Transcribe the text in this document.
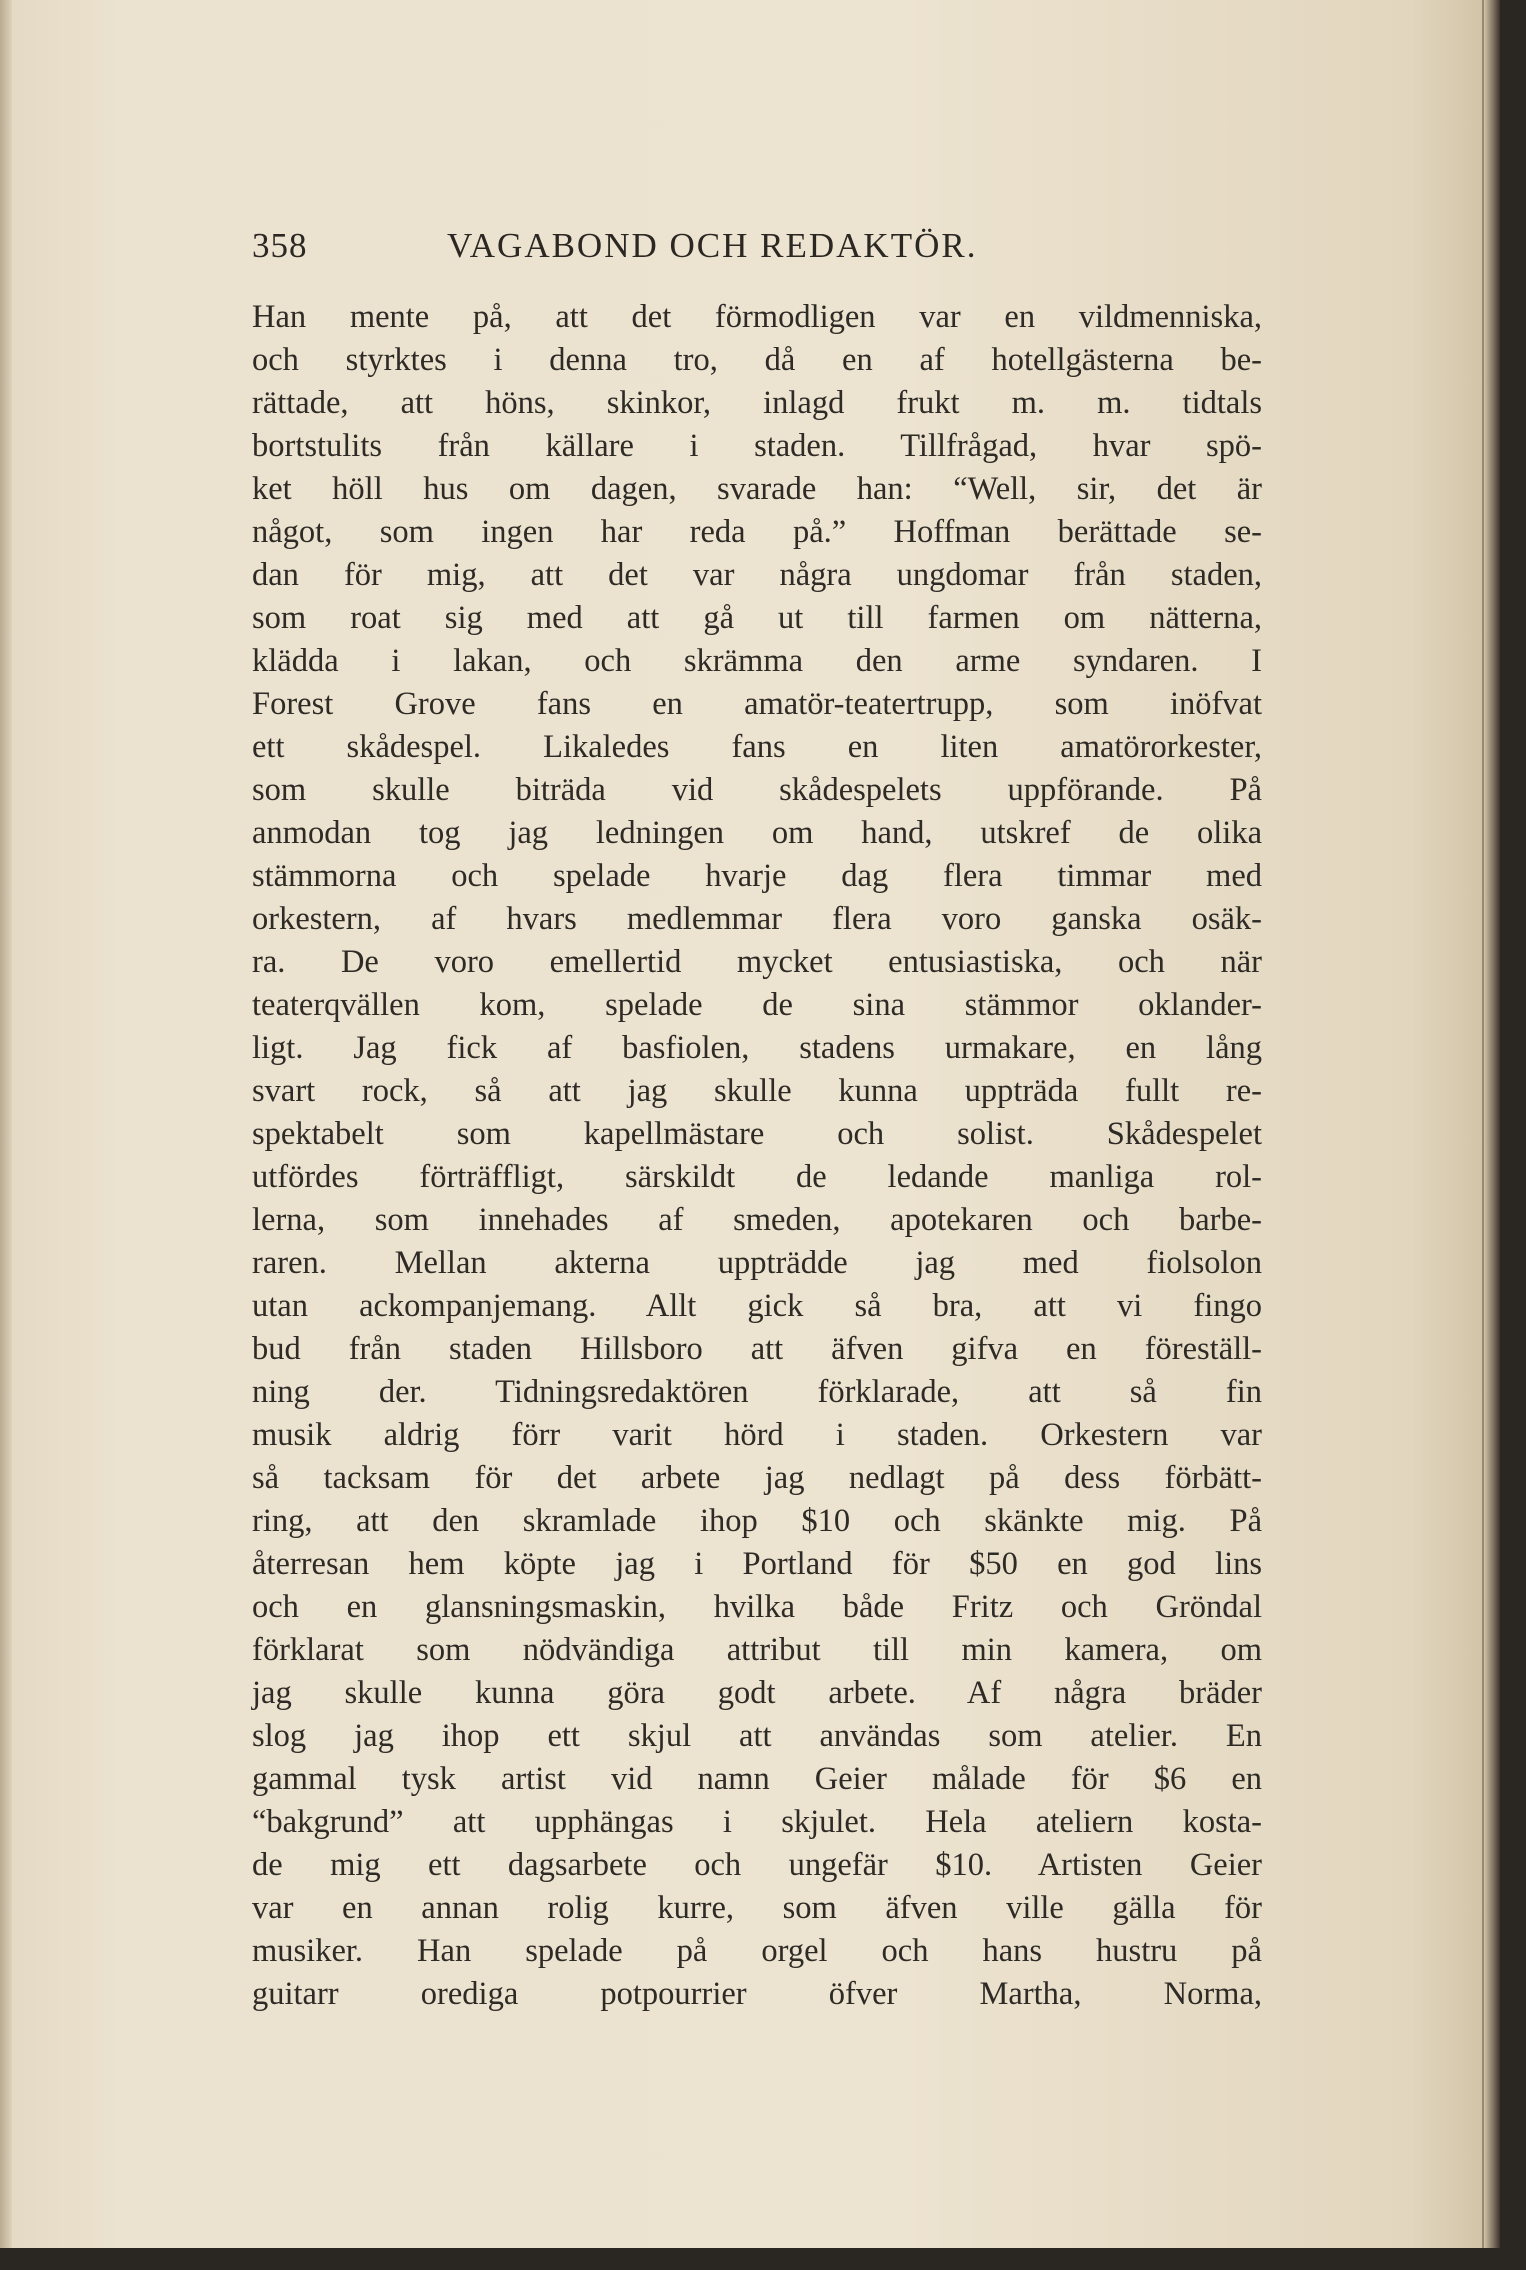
358	VAGABOND OCH REDAKTÖR.
Han mente på, att det förmodligen var en vildmenniska,
och styrktes i denna tro, då en af hotellgästerna be-
rättade, att höns, skinkor, inlagd frukt m. m. tidtals
bortstulits från källare i staden. Tillfrågad, hvar spö-
ket höll hus om dagen, svarade han: “Well, sir, det är
något, som ingen har reda på.” Hoffman berättade se-
dan för mig, att det var några ungdomar från staden,
som roat sig med att gå ut till farmen om nätterna,
klädda i lakan, och skrämma den arme syndaren. I
Forest Grove fans en amatör-teatertrupp, som inöfvat
ett skådespel. Likaledes fans en liten amatörorkester,
som skulle biträda vid skådespelets uppförande. På
anmodan tog jag ledningen om hand, utskref de olika
stämmorna och spelade hvarje dag flera timmar med
orkestern, af hvars medlemmar flera voro ganska osäk-
ra. De voro emellertid mycket entusiastiska, och när
teaterqvällen kom, spelade de sina stämmor oklander-
ligt. Jag fick af basfiolen, stadens urmakare, en lång
svart rock, så att jag skulle kunna uppträda fullt re-
spektabelt som kapellmästare och solist. Skådespelet
utfördes förträffligt, särskildt de ledande manliga rol-
lerna, som innehades af smeden, apotekaren och barbe-
raren. Mellan akterna uppträdde jag med fiolsolon
utan ackompanjemang. Allt gick så bra, att vi fingo
bud från staden Hillsboro att äfven gifva en föreställ-
ning der. Tidningsredaktören förklarade, att så fin
musik aldrig förr varit hörd i staden. Orkestern var
så tacksam för det arbete jag nedlagt på dess förbätt-
ring, att den skramlade ihop $10 och skänkte mig. På
återresan hem köpte jag i Portland för $50 en god lins
och en glansningsmaskin, hvilka både Fritz och Gröndal
förklarat som nödvändiga attribut till min kamera, om
jag skulle kunna göra godt arbete. Af några bräder
slog jag ihop ett skjul att användas som atelier. En
gammal tysk artist vid namn Geier målade för $6 en
“bakgrund” att upphängas i skjulet. Hela ateliern kosta-
de mig ett dagsarbete och ungefär $10. Artisten Geier
var en annan rolig kurre, som äfven ville gälla för
musiker. Han spelade på orgel och hans hustru på
guitarr orediga potpourrier öfver Martha, Norma,
